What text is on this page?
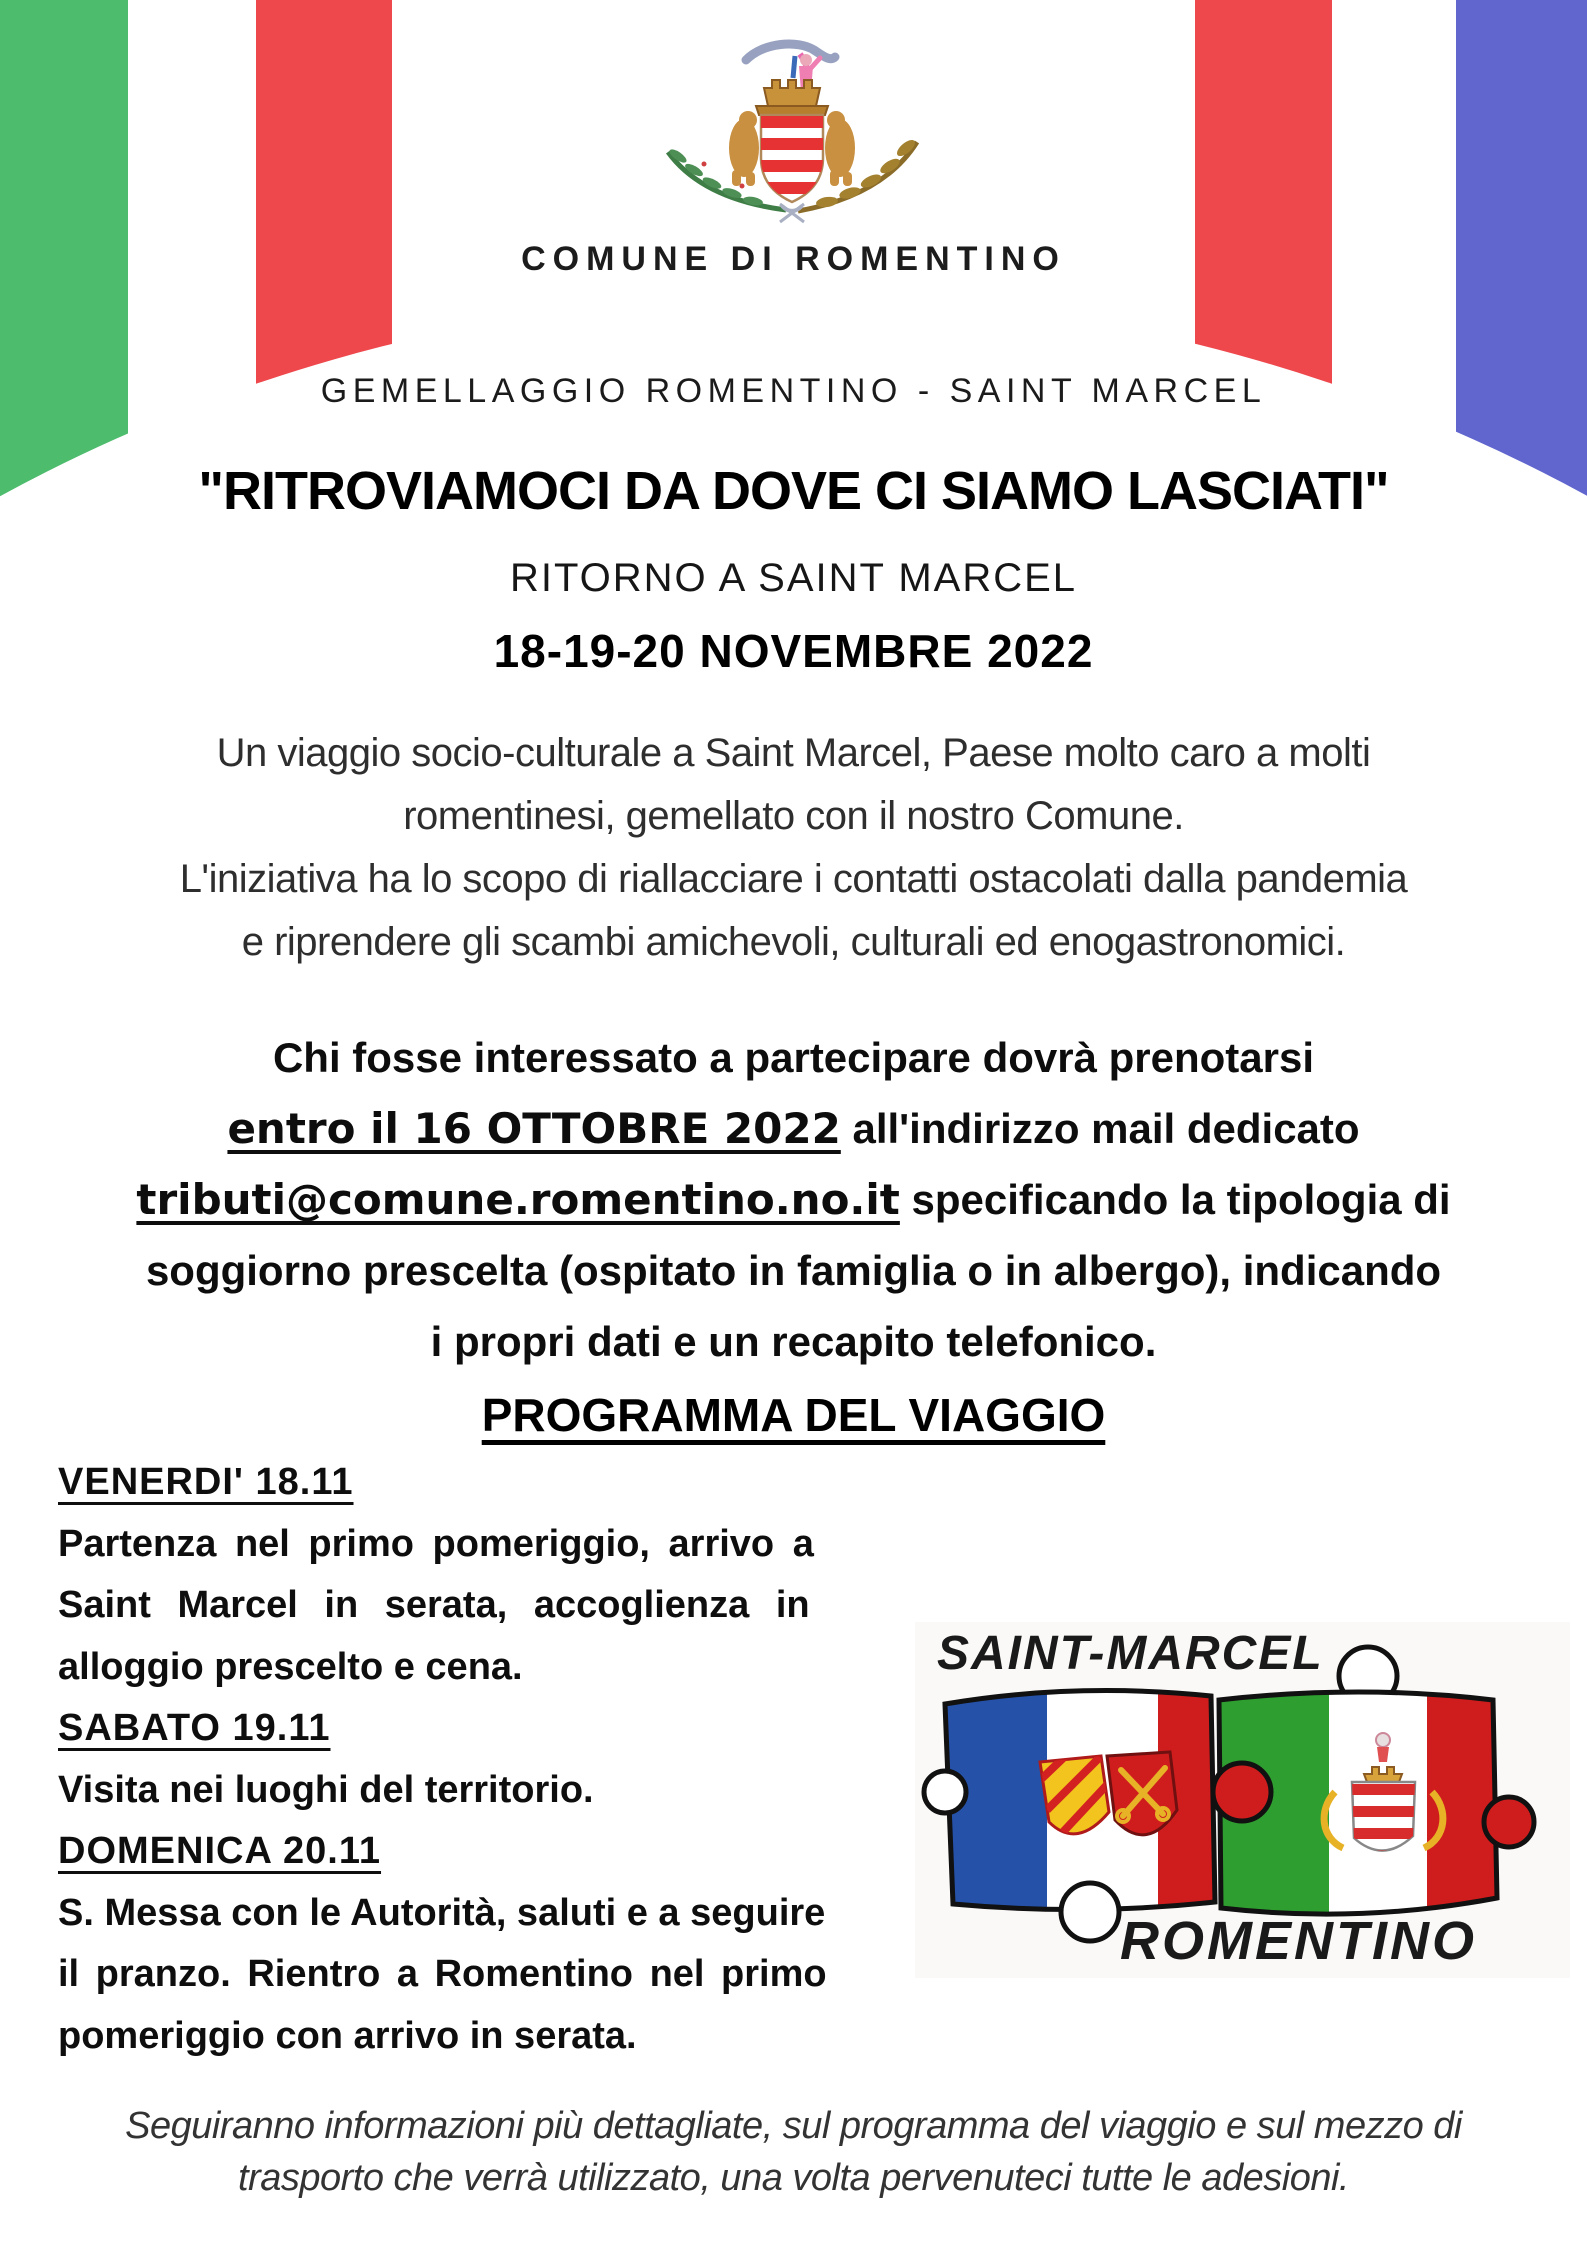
COMUNE DI ROMENTINO
GEMELLAGGIO ROMENTINO - SAINT MARCEL
"RITROVIAMOCI DA DOVE CI SIAMO LASCIATI"
RITORNO A SAINT MARCEL
18-19-20 NOVEMBRE 2022
Un viaggio socio-culturale a Saint Marcel, Paese molto caro a molti
romentinesi, gemellato con il nostro Comune.
L'iniziativa ha lo scopo di riallacciare i contatti ostacolati dalla pandemia
e riprendere gli scambi amichevoli, culturali ed enogastronomici.
Chi fosse interessato a partecipare dovrà prenotarsi
entro il 16 OTTOBRE 2022 all'indirizzo mail dedicato
tributi@comune.romentino.no.it specificando la tipologia di
soggiorno prescelta (ospitato in famiglia o in albergo), indicando
i propri dati e un recapito telefonico.
PROGRAMMA DEL VIAGGIO
VENERDI' 18.11
Partenza nel primo pomeriggio, arrivo a
Saint Marcel in serata, accoglienza in
alloggio prescelto e cena.
SABATO 19.11
Visita nei luoghi del territorio.
DOMENICA 20.11
S. Messa con le Autorità, saluti e a seguire
il pranzo. Rientro a Romentino nel primo
pomeriggio con arrivo in serata.
SAINT-MARCEL
ROMENTINO
Seguiranno informazioni più dettagliate, sul programma del viaggio e sul mezzo di
trasporto che verrà utilizzato, una volta pervenuteci tutte le adesioni.
